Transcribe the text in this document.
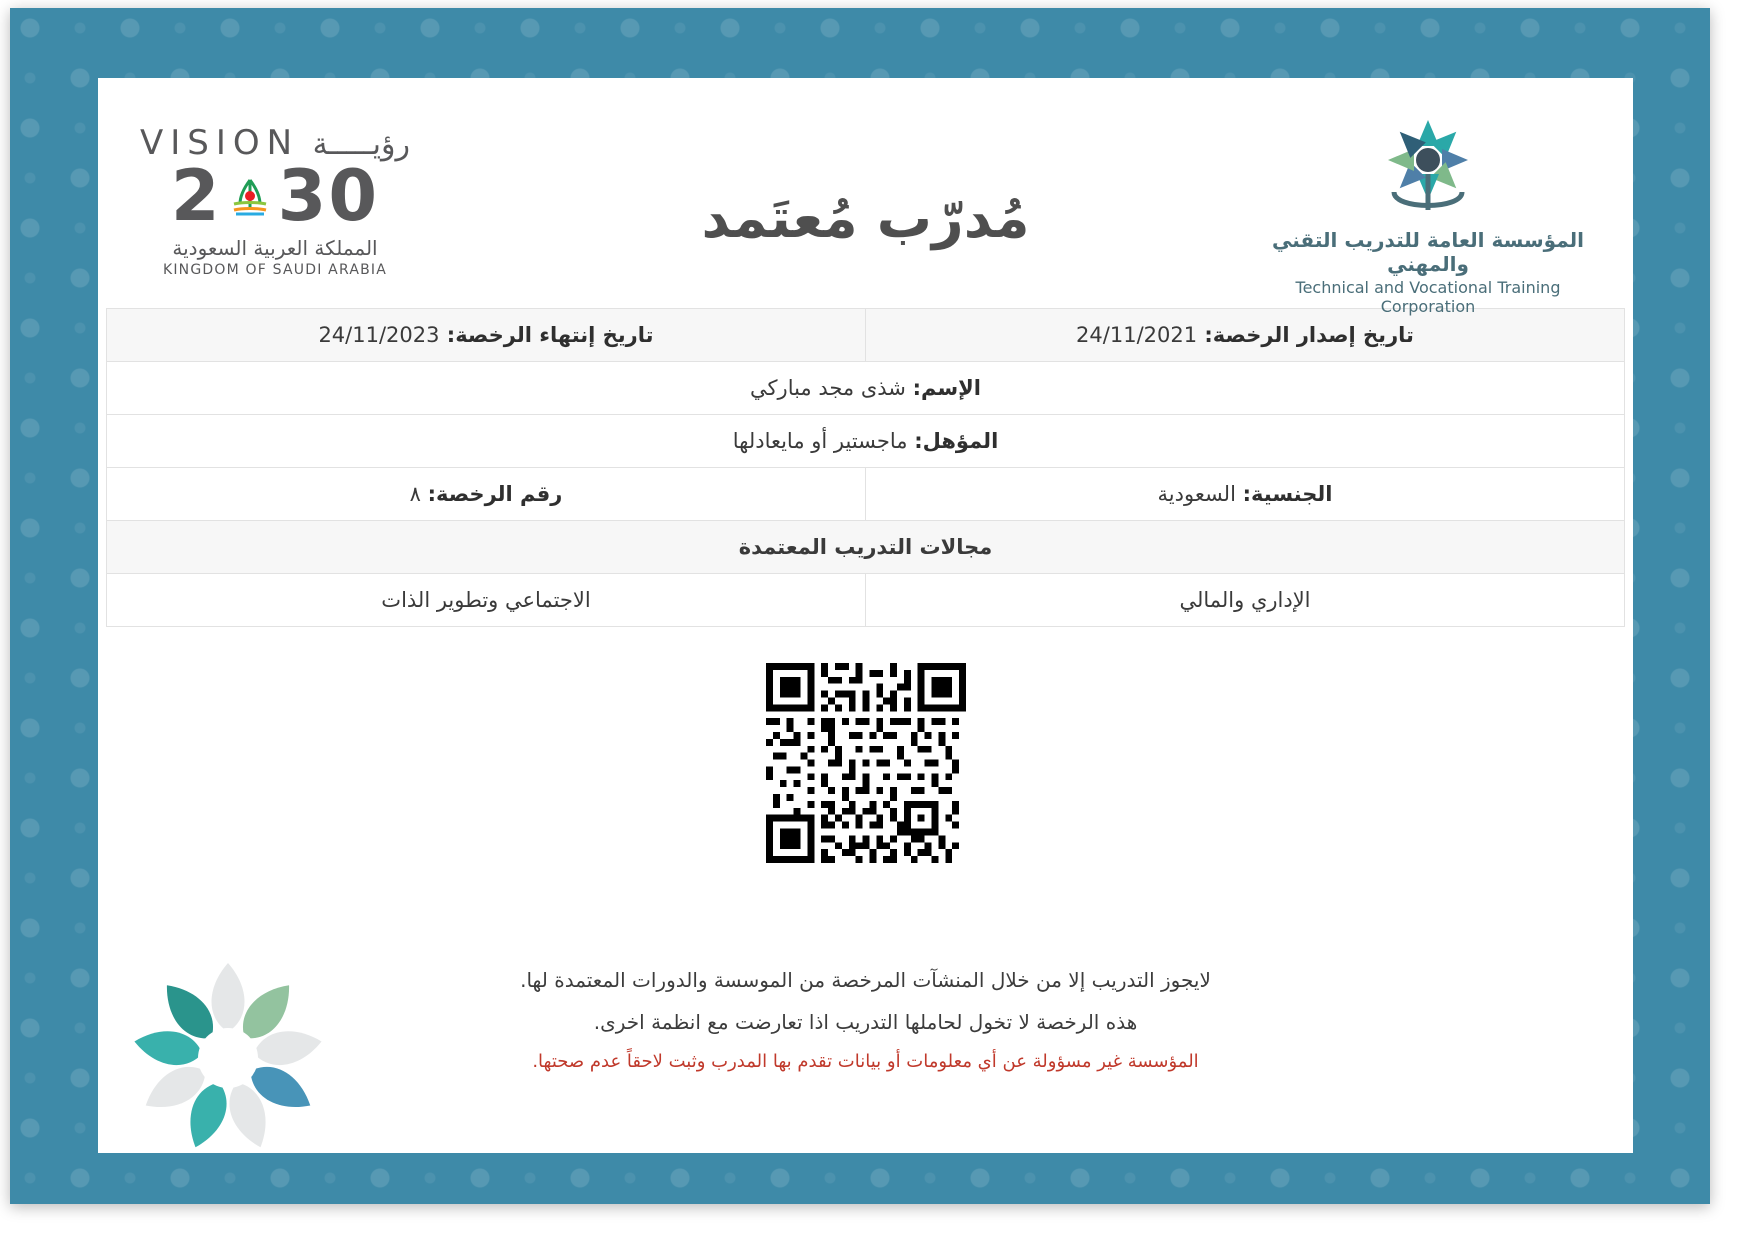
VISION رؤيـــــة
2 30
المملكة العربية السعودية
KINGDOM OF SAUDI ARABIA
مُدرّب مُعتَمد	المؤسسة العامة للتدريب التقني والمهني
Technical and Vocational Training Corporation
تاريخ إصدار الرخصة: 24/11/2021	تاريخ إنتهاء الرخصة: 24/11/2023
الإسم: شذى مجد مباركي	
المؤهل: ماجستير أو مايعادلها	
الجنسية: السعودية	رقم الرخصة: ٨
مجالات التدريب المعتمدة	
الإداري والمالي	الاجتماعي وتطوير الذات
لايجوز التدريب إلا من خلال المنشآت المرخصة من الموسسة والدورات المعتمدة لها.
هذه الرخصة لا تخول لحاملها التدريب اذا تعارضت مع انظمة اخرى.
المؤسسة غير مسؤولة عن أي معلومات أو بيانات تقدم بها المدرب وثبت لاحقاً عدم صحتها.
